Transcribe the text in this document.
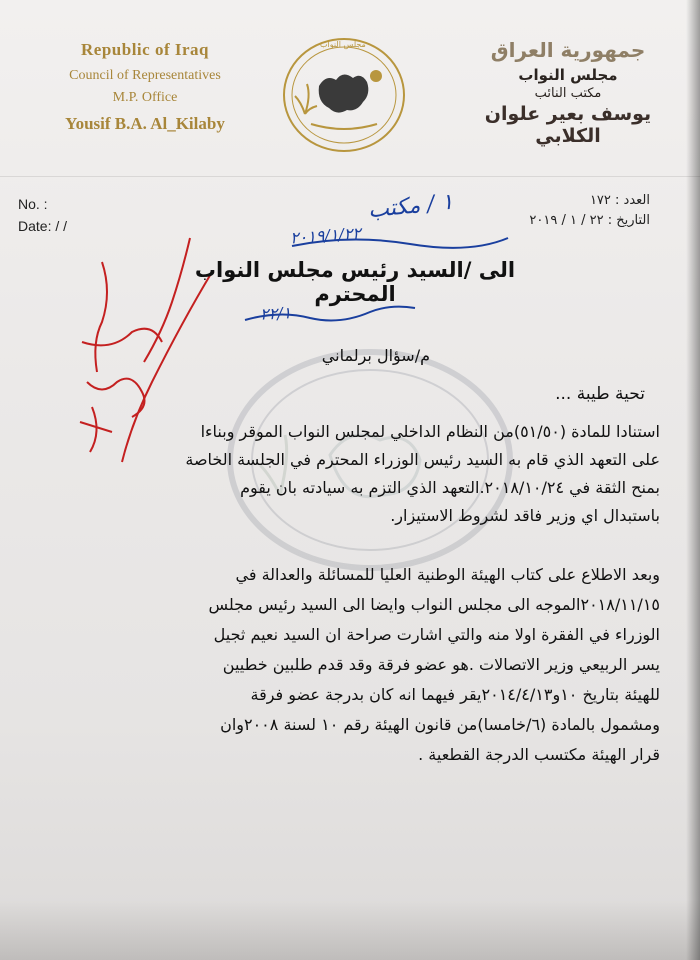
Republic of Iraq
Council of Representatives
M.P. Office
Yousif B.A. Al_Kilaby
مجلس النواب	جمهورية العراق
مجلس النواب
مكتب النائب
يوسف بعير علوان الكلابي
No. :
Date: / /
العدد : ١٧٢
التاريخ : ٢٢ / ١ / ٢٠١٩
١ / مكتب
٢٠١٩/١/٢٢
٢٢/١
الى /السيد رئيس مجلس النواب المحترم
م/سؤال برلماني
تحية طيبة ...
استنادا للمادة (٥١/٥٠)من النظام الداخلي لمجلس النواب الموقر وبناءا
على التعهد الذي قام به السيد رئيس الوزراء المحترم في الجلسة الخاصة
بمنح الثقة في ٢٠١٨/١٠/٢٤.التعهد الذي التزم به سيادته بان يقوم
باستبدال اي وزير فاقد لشروط الاستيزار.
وبعد الاطلاع على كتاب الهيئة الوطنية العليا للمسائلة والعدالة في
٢٠١٨/١١/١٥الموجه الى مجلس النواب وايضا الى السيد رئيس مجلس
الوزراء في الفقرة اولا منه والتي اشارت صراحة ان السيد نعيم ثجيل
يسر الربيعي وزير الاتصالات .هو عضو فرقة وقد قدم طلبين خطيين
للهيئة بتاريخ ١٠و٢٠١٤/٤/١٣يقر فيهما انه كان بدرجة عضو فرقة
ومشمول بالمادة (٦/خامسا)من قانون الهيئة رقم ١٠ لسنة ٢٠٠٨وان
قرار الهيئة مكتسب الدرجة القطعية .
